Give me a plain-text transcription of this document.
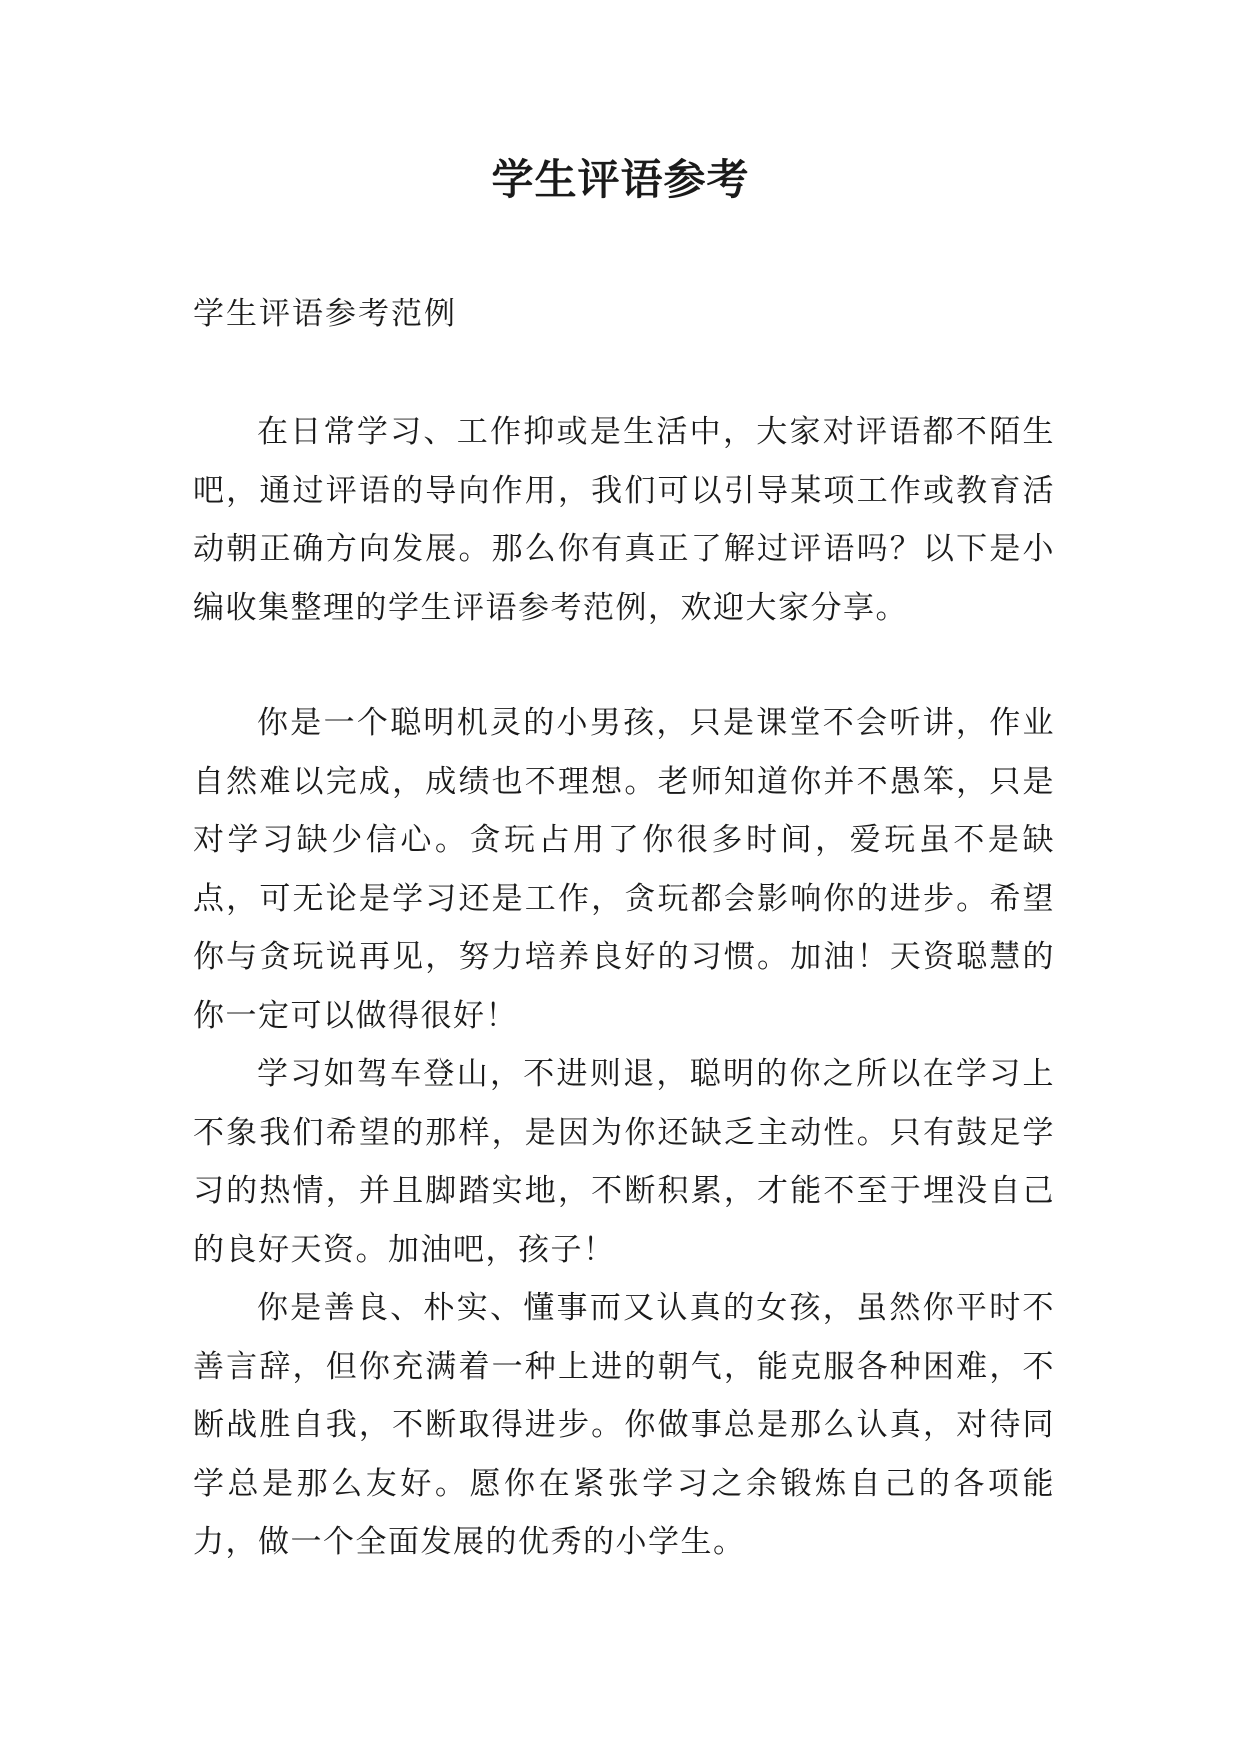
学生评语参考

学生评语参考范例

在日常学习、工作抑或是生活中，大家对评语都不陌生吧，通过评语的导向作用，我们可以引导某项工作或教育活动朝正确方向发展。那么你有真正了解过评语吗？以下是小编收集整理的学生评语参考范例，欢迎大家分享。

你是一个聪明机灵的小男孩，只是课堂不会听讲，作业自然难以完成，成绩也不理想。老师知道你并不愚笨，只是对学习缺少信心。贪玩占用了你很多时间，爱玩虽不是缺点，可无论是学习还是工作，贪玩都会影响你的进步。希望你与贪玩说再见，努力培养良好的习惯。加油！天资聪慧的你一定可以做得很好！

学习如驾车登山，不进则退，聪明的你之所以在学习上不象我们希望的那样，是因为你还缺乏主动性。只有鼓足学习的热情，并且脚踏实地，不断积累，才能不至于埋没自己的良好天资。加油吧，孩子！

你是善良、朴实、懂事而又认真的女孩，虽然你平时不善言辞，但你充满着一种上进的朝气，能克服各种困难，不断战胜自我，不断取得进步。你做事总是那么认真，对待同学总是那么友好。愿你在紧张学习之余锻炼自己的各项能力，做一个全面发展的优秀的小学生。
